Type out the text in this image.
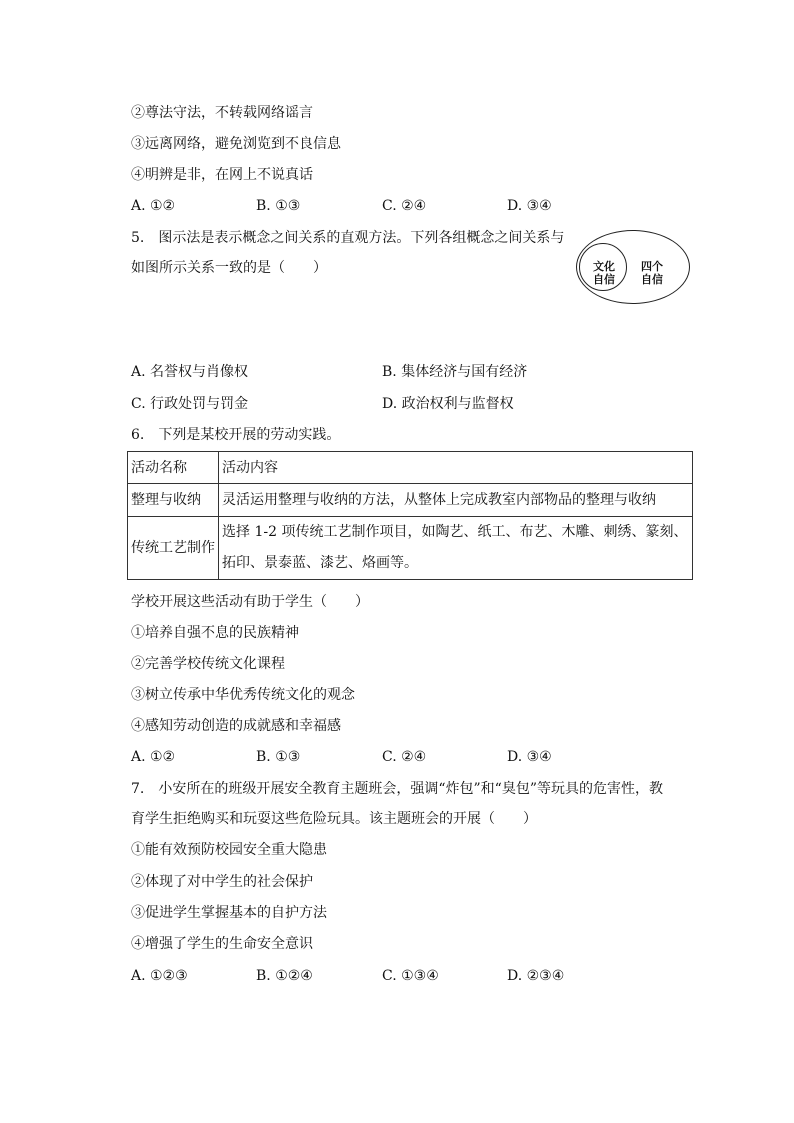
②尊法守法，不转载网络谣言
③远离网络，避免浏览到不良信息
④明辨是非，在网上不说真话
A. ①②	B. ①③	C. ②④	D. ③④
5.　图示法是表示概念之间关系的直观方法。下列各组概念之间关系与
如图所示关系一致的是（　　）	文化
自信
四个
自信
A. 名誉权与肖像权	B. 集体经济与国有经济
C. 行政处罚与罚金	D. 政治权利与监督权
6.　下列是某校开展的劳动实践。
活动名称	活动内容
整理与收纳	灵活运用整理与收纳的方法，从整体上完成教室内部物品的整理与收纳
传统工艺制作	选择 1-2 项传统工艺制作项目，如陶艺、纸工、布艺、木雕、刺绣、篆刻、拓印、景泰蓝、漆艺、烙画等。
学校开展这些活动有助于学生（　　）
①培养自强不息的民族精神
②完善学校传统文化课程
③树立传承中华优秀传统文化的观念
④感知劳动创造的成就感和幸福感
A. ①②	B. ①③	C. ②④	D. ③④
7.　小安所在的班级开展安全教育主题班会，强调“炸包”和“臭包”等玩具的危害性，教
育学生拒绝购买和玩耍这些危险玩具。该主题班会的开展（　　）
①能有效预防校园安全重大隐患
②体现了对中学生的社会保护
③促进学生掌握基本的自护方法
④增强了学生的生命安全意识
A. ①②③	B. ①②④	C. ①③④	D. ②③④
